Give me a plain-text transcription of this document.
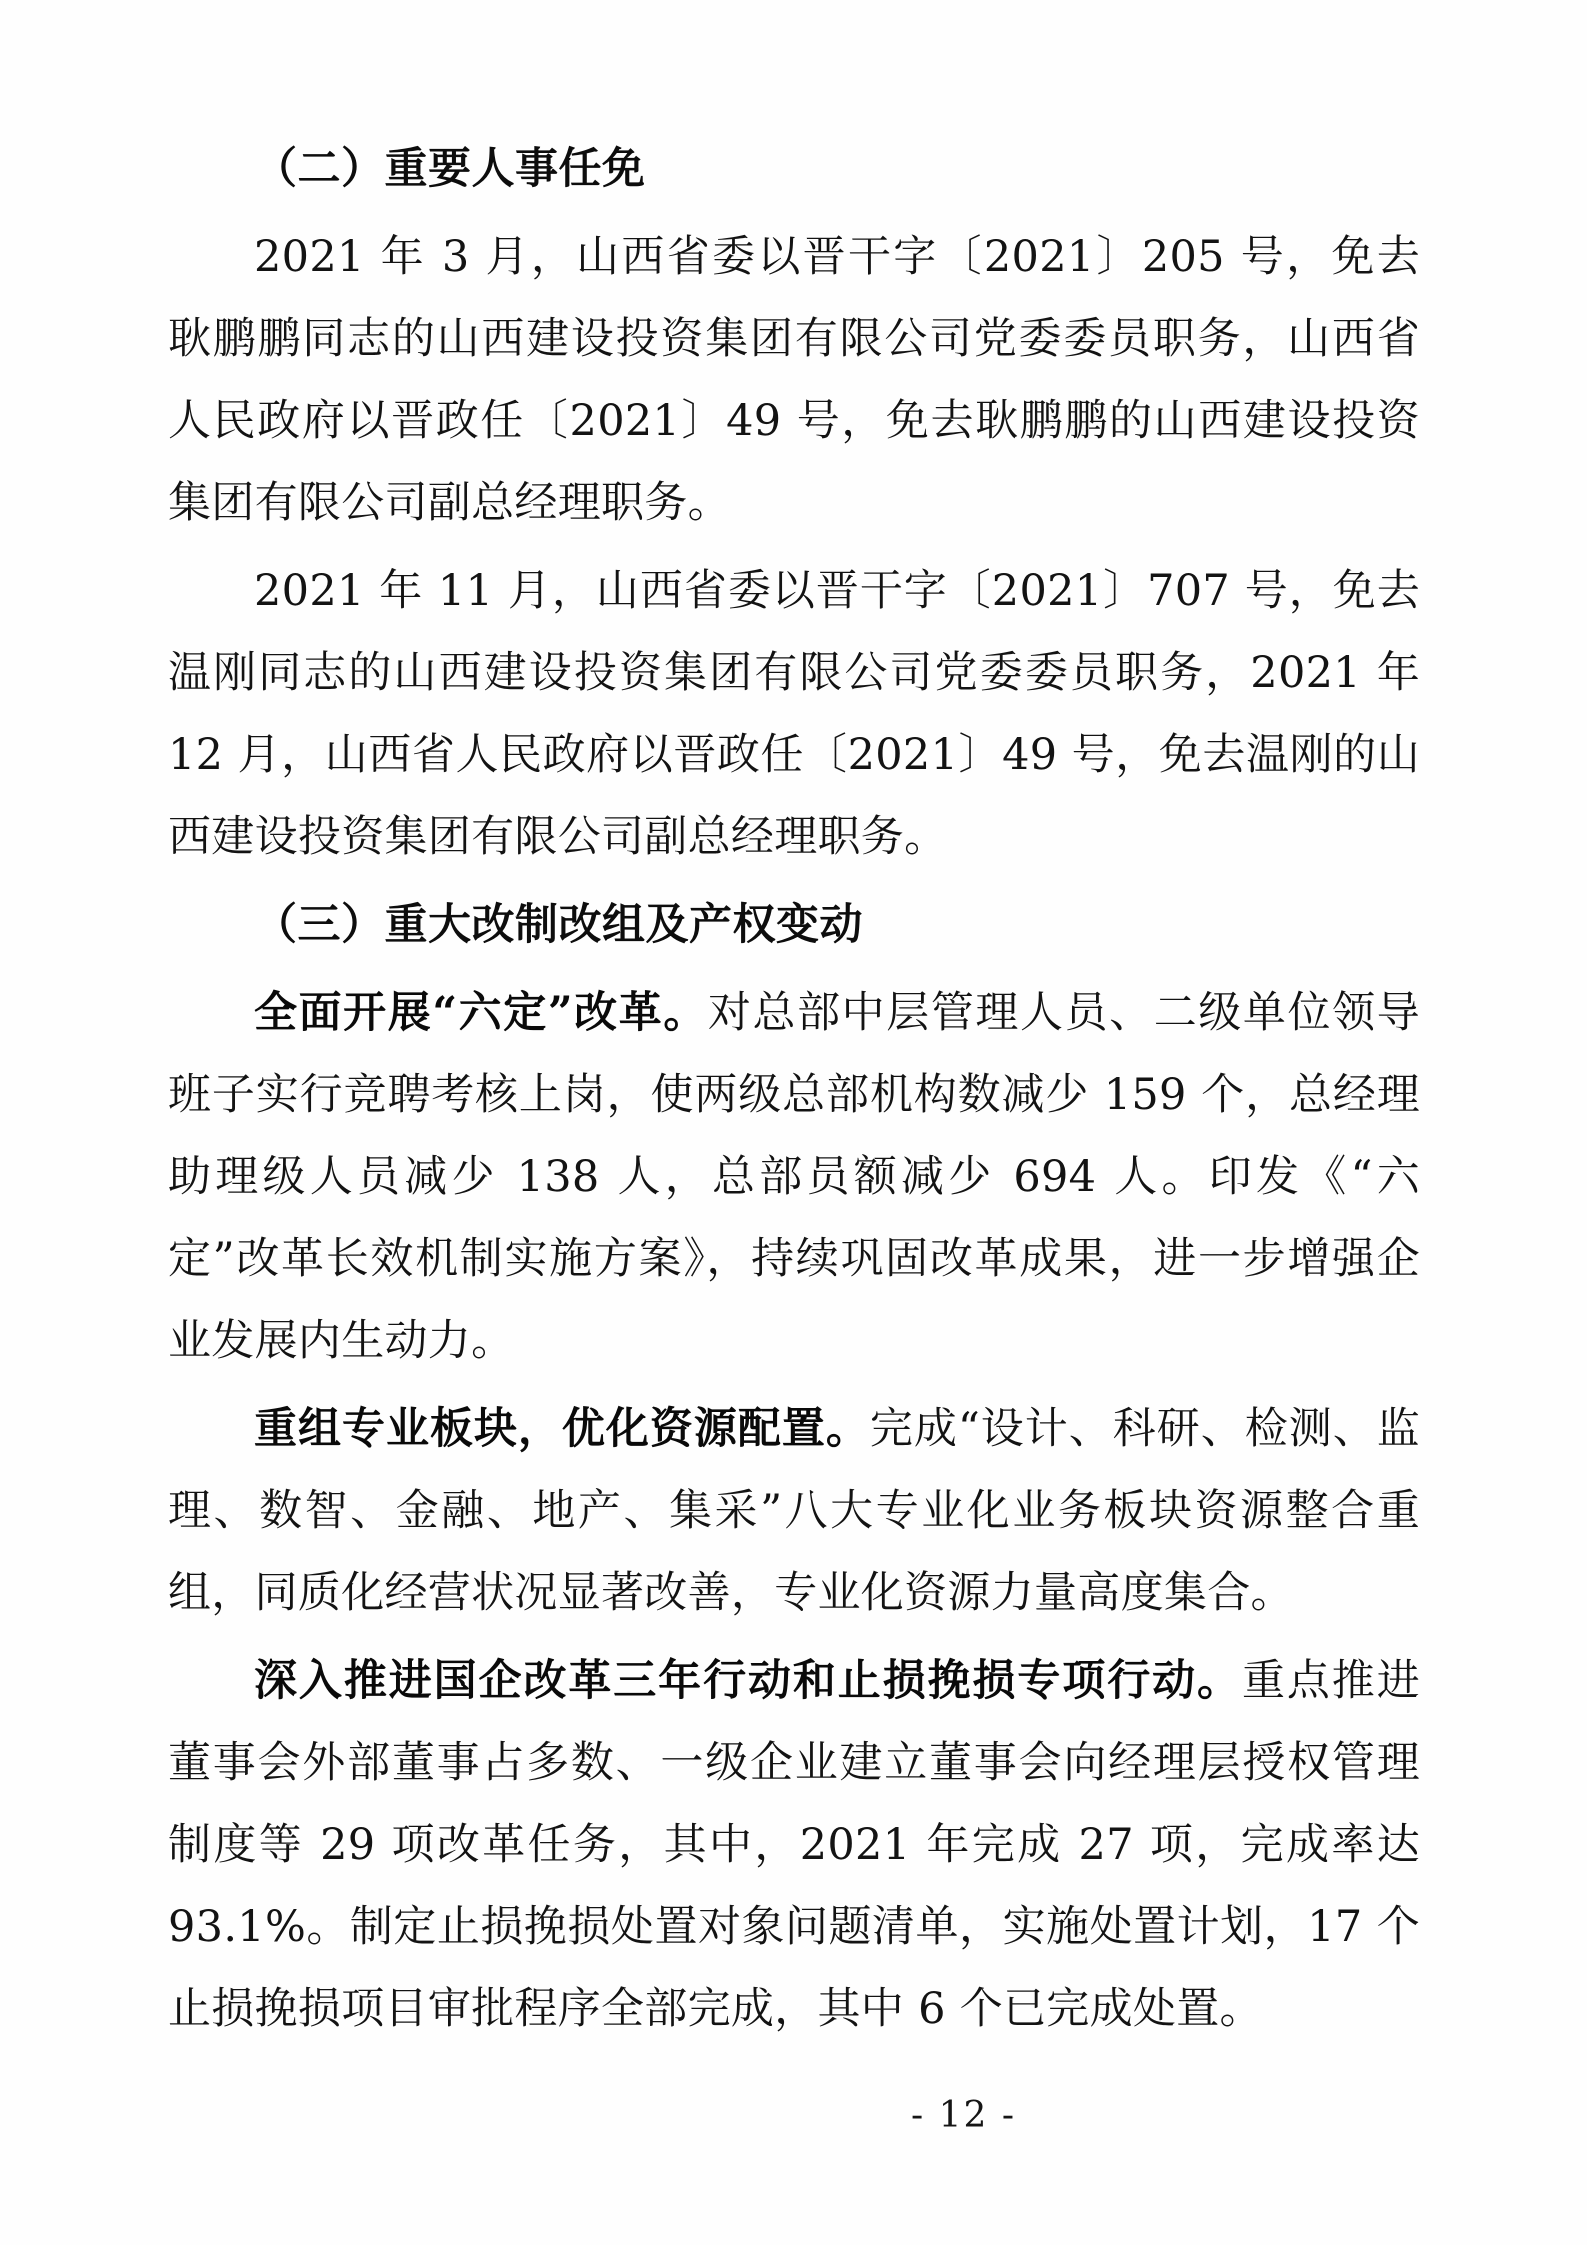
（二）重要人事任免

2021 年 3 月，山西省委以晋干字〔2021〕205 号，免去耿鹏鹏同志的山西建设投资集团有限公司党委委员职务，山西省人民政府以晋政任〔2021〕49 号，免去耿鹏鹏的山西建设投资集团有限公司副总经理职务。

2021 年 11 月，山西省委以晋干字〔2021〕707 号，免去温刚同志的山西建设投资集团有限公司党委委员职务，2021 年 12 月，山西省人民政府以晋政任〔2021〕49 号，免去温刚的山西建设投资集团有限公司副总经理职务。

（三）重大改制改组及产权变动

全面开展“六定”改革。对总部中层管理人员、二级单位领导班子实行竞聘考核上岗，使两级总部机构数减少 159 个，总经理助理级人员减少 138 人，总部员额减少 694 人。印发《“六定”改革长效机制实施方案》，持续巩固改革成果，进一步增强企业发展内生动力。

重组专业板块，优化资源配置。完成“设计、科研、检测、监 理、数智、金融、地产、集采”八大专业化业务板块资源整合重 组，同质化经营状况显著改善，专业化资源力量高度集合。

深入推进国企改革三年行动和止损挽损专项行动。重点推进董事会外部董事占多数、一级企业建立董事会向经理层授权管理制度等 29 项改革任务，其中，2021 年完成 27 项，完成率达 93.1%。制定止损挽损处置对象问题清单，实施处置计划，17 个止损挽损项目审批程序全部完成，其中 6 个已完成处置。

- 12 -
